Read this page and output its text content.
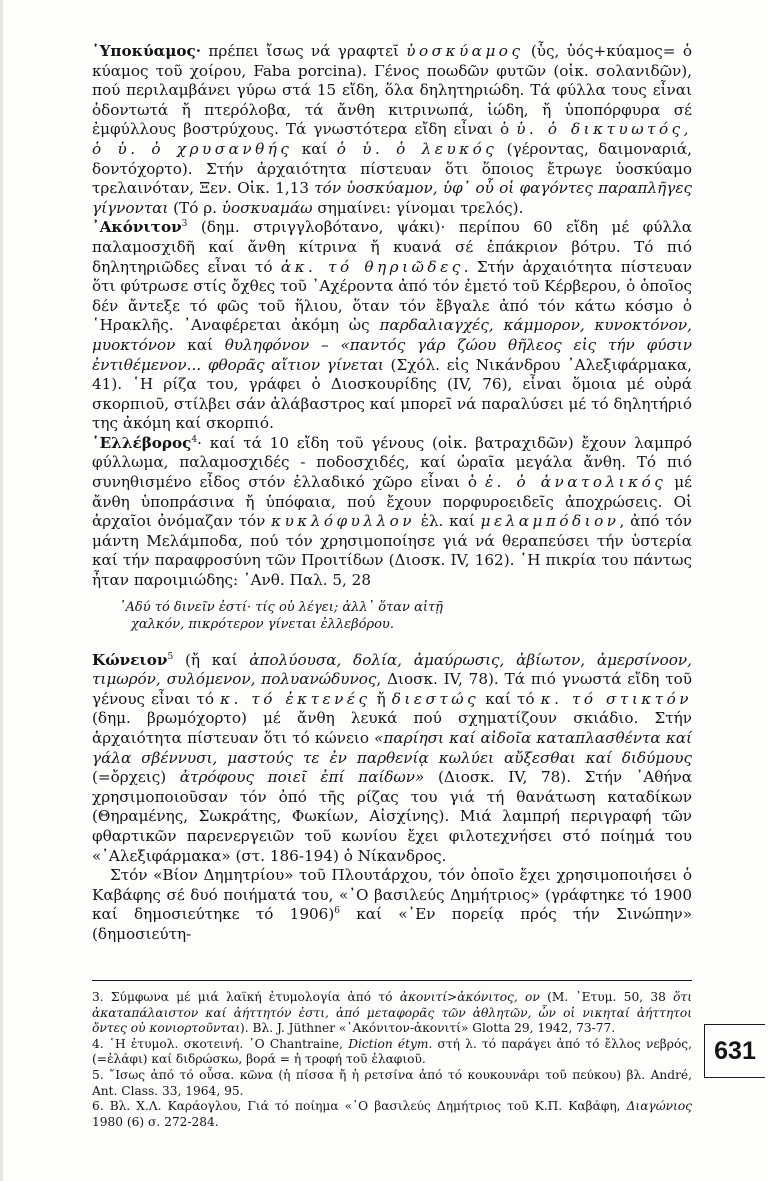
῾Υποκύαμος· πρέπει ἴσως νά γραφτεῖ ὑοσκύαμος (ὗς, ὑός+κύαμος= ὁ κύαμος τοῦ χοίρου, Faba porcina). Γένος ποωδῶν φυτῶν (οἰκ. σολανιδῶν), πού περιλαμβάνει γύρω στά 15 εἴδη, ὅλα δηλητηριώδη. Τά φύλλα τους εἶναι ὀδοντωτά ἤ πτερόλοβα, τά ἄνθη κιτρινωπά, ἰώδη, ἤ ὑποπόρφυρα σέ ἐμφύλλους βοστρύχους. Τά γνωστότερα εἴδη εἶναι ὁ ὑ. ὁ δικτυωτός, ὁ ὑ. ὁ χρυσανθής καί ὁ ὑ. ὁ λευκός (γέροντας, δαιμοναριά, δοντόχορτο). Στήν ἀρχαιότητα πίστευαν ὅτι ὅποιος ἔτρωγε ὑοσκύαμο τρελαινόταν, Ξεν. Οἰκ. 1,13 τόν ὑοσκύαμον, ὑφ᾿ οὗ οἱ φαγόντες παραπλῆγες γίγνονται (Τό ρ. ὑοσκυαμάω σημαίνει: γίνομαι τρελός).

᾿Ακόνιτον$^3$ (δημ. στριγγλοβότανο, ψάκι)· περίπου 60 εἴδη μέ φύλλα παλαμοσχιδῆ καί ἄνθη κίτρινα ἤ κυανά σέ ἐπάκριον βότρυ. Τό πιό δηλητηριῶδες εἶναι τό ἀκ. τό θηριῶδες. Στήν ἀρχαιότητα πίστευαν ὅτι φύτρωσε στίς ὄχθες τοῦ ᾿Αχέροντα ἀπό τόν ἐμετό τοῦ Κέρβερου, ὁ ὁποῖος δέν ἄντεξε τό φῶς τοῦ ἥλιου, ὅταν τόν ἔβγαλε ἀπό τόν κάτω κόσμο ὁ ῾Ηρακλῆς. ᾿Αναφέρεται ἀκόμη ὡς παρδαλιαγχές, κάμμορον, κυνοκτόνον, μυοκτόνον καί θυληφόνον – «παντός γάρ ζώου θῆλεος εἰς τήν φύσιν ἐντιθέμενον... φθορᾶς αἴτιον γίνεται (Σχόλ. εἰς Νικάνδρου ᾿Αλεξιφάρμακα, 41). ῾Η ρίζα του, γράφει ὁ Διοσκουρίδης (IV, 76), εἶναι ὅμοια μέ οὐρά σκορπιοῦ, στίλβει σάν ἀλάβαστρος καί μπορεῖ νά παραλύσει μέ τό δηλητήριό της ἀκόμη καί σκορπιό.

῾Ελλέβορος$^4$· καί τά 10 εἴδη τοῦ γένους (οἰκ. βατραχιδῶν) ἔχουν λαμπρό φύλλωμα, παλαμοσχιδές - ποδοσχιδές, καί ὡραῖα μεγάλα ἄνθη. Τό πιό συνηθισμένο εἶδος στόν ἑλλαδικό χῶρο εἶναι ὁ ἑ. ὁ ἀνατολικός μέ ἄνθη ὑποπράσινα ἤ ὑπόφαια, πού ἔχουν πορφυροειδεῖς ἀποχρώσεις. Οἱ ἀρχαῖοι ὀνόμαζαν τόν κυκλόφυλλον ἐλ. καί μελαμπόδιον, ἀπό τόν μάντη Μελάμποδα, πού τόν χρησιμοποίησε γιά νά θεραπεύσει τήν ὑστερία καί τήν παραφροσύνη τῶν Προιτίδων (Διοσκ. IV, 162). ῾Η πικρία του πάντως ἦταν παροιμιώδης: ᾿Ανθ. Παλ. 5, 28

᾿Αδύ τό δινεῖν ἐστί· τίς οὐ λέγει; ἀλλ᾿ ὅταν αἰτῇ
χαλκόν, πικρότερον γίνεται ἐλλεβόρου.

Κώνειον$^5$ (ἤ καί ἀπολύουσα, δολία, ἀμαύρωσις, ἀβίωτον, ἀμερσίνοον, τιμωρόν, συλόμενον, πολυανώδυνος, Διοσκ. IV, 78). Τά πιό γνωστά εἴδη τοῦ γένους εἶναι τό κ. τό ἐκτενές ἤ διεστώς καί τό κ. τό στικτόν (δημ. βρωμόχορτο) μέ ἄνθη λευκά πού σχηματίζουν σκιάδιο. Στήν ἀρχαιότητα πίστευαν ὅτι τό κώνειο «παρίησι καί αἰδοῖα καταπλασθέντα καί γάλα σβέννυσι, μαστούς τε ἐν παρθενίᾳ κωλύει αὔξεσθαι καί διδύμους (=ὄρχεις) ἀτρόφους ποιεῖ ἐπί παίδων» (Διοσκ. IV, 78). Στήν ᾿Αθήνα χρησιμοποιοῦσαν τόν ὀπό τῆς ρίζας του γιά τή θανάτωση καταδίκων (Θηραμένης, Σωκράτης, Φωκίων, Αἰσχίνης). Μιά λαμπρή περιγραφή τῶν φθαρτικῶν παρενεργειῶν τοῦ κωνίου ἔχει φιλοτεχνήσει στό ποίημά του «᾿Αλεξιφάρμακα» (στ. 186-194) ὁ Νίκανδρος.

Στόν «Βίον Δημητρίου» τοῦ Πλουτάρχου, τόν ὁποῖο ἔχει χρησιμοποιήσει ὁ Καβάφης σέ δυό ποιήματά του, «᾿Ο βασιλεύς Δημήτριος» (γράφτηκε τό 1900 καί δημοσιεύτηκε τό 1906)$^6$ καί «᾿Εν πορείᾳ πρός τήν Σινώπην» (δημοσιεύτη-

3. Σύμφωνα μέ μιά λαϊκή ἐτυμολογία ἀπό τό ἀκονιτί>ἀκόνιτος, ον (Μ. ᾿Ετυμ. 50, 38 ὅτι ἀκαταπάλαιστον καί ἀήττητόν ἐστι, ἀπό μεταφορᾶς τῶν ἀθλητῶν, ὧν οἱ νικηταί ἀήττητοι ὄντες οὐ κονιορτοῦνται). Βλ. J. Jüthner «᾿Ακόνιτον-ἀκονιτί» Glotta 29, 1942, 73-77.

4. ῾Η ἐτυμολ. σκοτεινή. ᾿Ο Chantraine, Diction étym. στή λ. τό παράγει ἀπό τό ἔλλος νεβρός, (=ἐλάφι) καί διδρώσκω, βορά = ἡ τροφή τοῦ ἐλαφιοῦ.

5. ῎Ισως ἀπό τό οὖσα. κῶνα (ἡ πίσσα ἤ ἡ ρετσίνα ἀπό τό κουκουνάρι τοῦ πεύκου) βλ. André, Ant. Class. 33, 1964, 95.

6. Βλ. Χ.Λ. Καράογλου, Γιά τό ποίημα «᾿Ο βασιλεύς Δημήτριος τοῦ Κ.Π. Καβάφη, Διαγώνιος 1980 (6) σ. 272-284.

631
